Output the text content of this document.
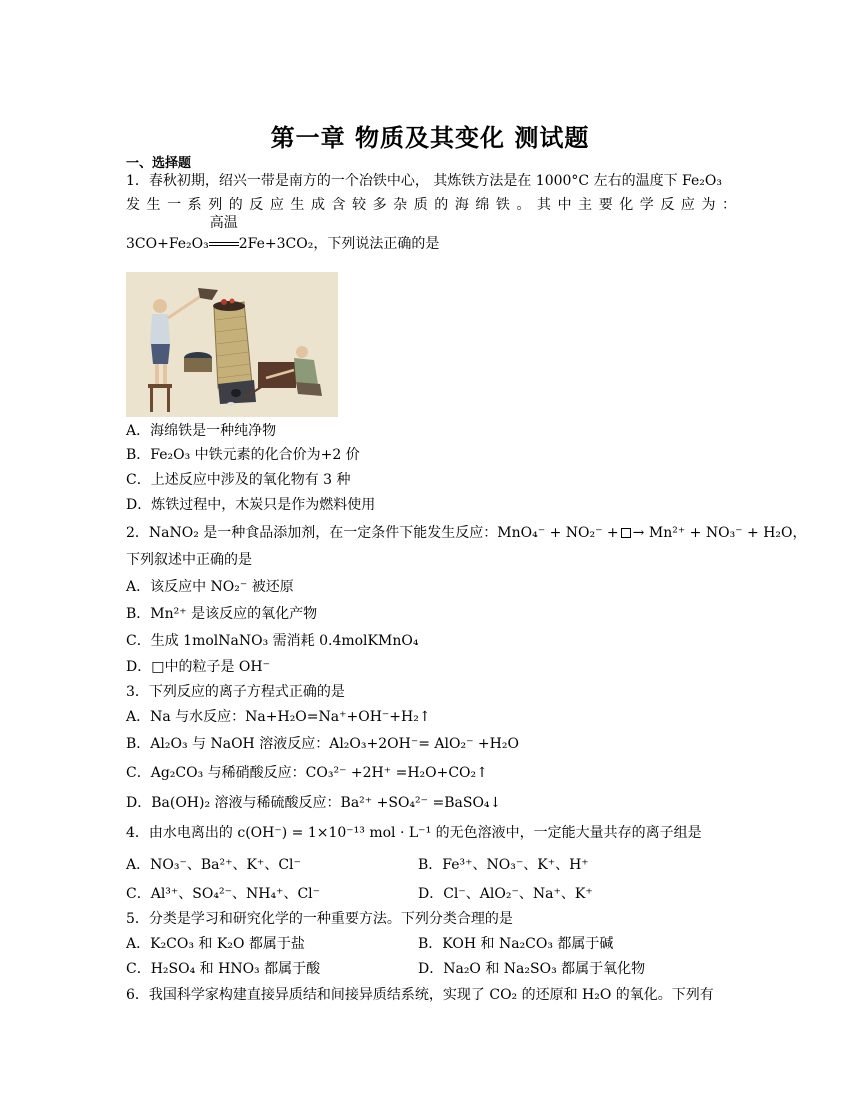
第一章 物质及其变化 测试题
一、选择题
1．春秋初期，绍兴一带是南方的一个冶铁中心， 其炼铁方法是在 1000°C 左右的温度下 Fe₂O₃
发生一系列的反应生成含较多杂质的海绵铁。其中主要化学反应为：
3CO+Fe₂O₃
高温
2Fe+3CO₂，下列说法正确的是
A．海绵铁是一种纯净物
B．Fe₂O₃ 中铁元素的化合价为+2 价
C．上述反应中涉及的氧化物有 3 种
D．炼铁过程中，木炭只是作为燃料使用
2．NaNO₂ 是一种食品添加剂，在一定条件下能发生反应：MnO₄⁻ + NO₂⁻ + → Mn²⁺ + NO₃⁻ + H₂O，
下列叙述中正确的是
A．该反应中 NO₂⁻ 被还原
B．Mn²⁺ 是该反应的氧化产物
C．生成 1molNaNO₃ 需消耗 0.4molKMnO₄
D．□中的粒子是 OH⁻
3．下列反应的离子方程式正确的是
A．Na 与水反应：Na+H₂O=Na⁺+OH⁻+H₂↑
B．Al₂O₃ 与 NaOH 溶液反应：Al₂O₃+2OH⁻= AlO₂⁻ +H₂O
C．Ag₂CO₃ 与稀硝酸反应：CO₃²⁻ +2H⁺ =H₂O+CO₂↑
D．Ba(OH)₂ 溶液与稀硫酸反应：Ba²⁺ +SO₄²⁻ =BaSO₄↓
4．由水电离出的 c(OH⁻) = 1×10⁻¹³ mol · L⁻¹ 的无色溶液中，一定能大量共存的离子组是
A．NO₃⁻、Ba²⁺、K⁺、Cl⁻	B．Fe³⁺、NO₃⁻、K⁺、H⁺
C．Al³⁺、SO₄²⁻、NH₄⁺、Cl⁻	D．Cl⁻、AlO₂⁻、Na⁺、K⁺
5．分类是学习和研究化学的一种重要方法。下列分类合理的是
A．K₂CO₃ 和 K₂O 都属于盐	B．KOH 和 Na₂CO₃ 都属于碱
C．H₂SO₄ 和 HNO₃ 都属于酸	D．Na₂O 和 Na₂SO₃ 都属于氧化物
6．我国科学家构建直接异质结和间接异质结系统，实现了 CO₂ 的还原和 H₂O 的氧化。下列有
